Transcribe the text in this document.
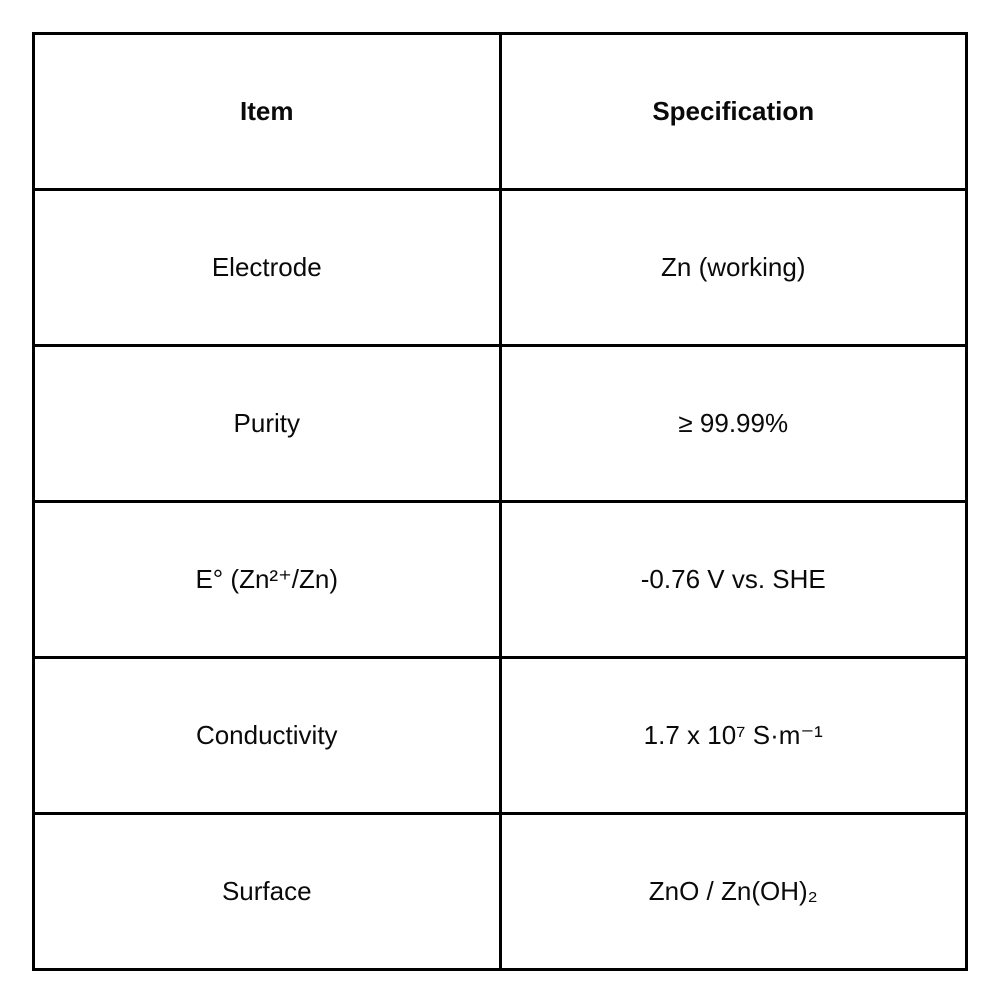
Item	Specification
Electrode	Zn (working)
Purity	≥ 99.99%
E° (Zn²⁺/Zn)	-0.76 V vs. SHE
Conductivity	1.7 x 10⁷ S·m⁻¹
Surface	ZnO / Zn(OH)₂
